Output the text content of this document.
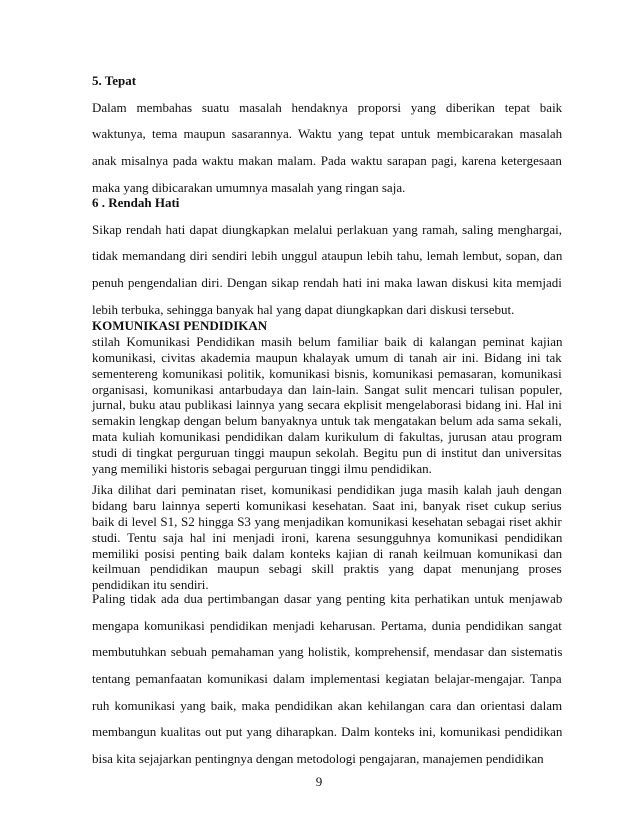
5. Tepat
Dalam membahas suatu masalah hendaknya proporsi yang diberikan tepat baik
waktunya, tema maupun sasarannya. Waktu yang tepat untuk membicarakan masalah
anak misalnya pada waktu makan malam. Pada waktu sarapan pagi, karena ketergesaan
maka yang dibicarakan umumnya masalah yang ringan saja.
6 . Rendah Hati
Sikap rendah hati dapat diungkapkan melalui perlakuan yang ramah, saling menghargai,
tidak memandang diri sendiri lebih unggul ataupun lebih tahu, lemah lembut, sopan, dan
penuh pengendalian diri. Dengan sikap rendah hati ini maka lawan diskusi kita memjadi
lebih terbuka, sehingga banyak hal yang dapat diungkapkan dari diskusi tersebut.
KOMUNIKASI PENDIDIKAN
stilah Komunikasi Pendidikan masih belum familiar baik di kalangan peminat kajian
komunikasi, civitas akademia maupun khalayak umum di tanah air ini. Bidang ini tak
sementereng komunikasi politik, komunikasi bisnis, komunikasi pemasaran, komunikasi
organisasi, komunikasi antarbudaya dan lain-lain. Sangat sulit mencari tulisan populer,
jurnal, buku atau publikasi lainnya yang secara ekplisit mengelaborasi bidang ini. Hal ini
semakin lengkap dengan belum banyaknya untuk tak mengatakan belum ada sama sekali,
mata kuliah komunikasi pendidikan dalam kurikulum di fakultas, jurusan atau program
studi di tingkat perguruan tinggi maupun sekolah. Begitu pun di institut dan universitas
yang memiliki historis sebagai perguruan tinggi ilmu pendidikan.
Jika dilihat dari peminatan riset, komunikasi pendidikan juga masih kalah jauh dengan
bidang baru lainnya seperti komunikasi kesehatan. Saat ini, banyak riset cukup serius
baik di level S1, S2 hingga S3 yang menjadikan komunikasi kesehatan sebagai riset akhir
studi. Tentu saja hal ini menjadi ironi, karena sesungguhnya komunikasi pendidikan
memiliki posisi penting baik dalam konteks kajian di ranah keilmuan komunikasi dan
keilmuan pendidikan maupun sebagi skill praktis yang dapat menunjang proses
pendidikan itu sendiri.
Paling tidak ada dua pertimbangan dasar yang penting kita perhatikan untuk menjawab
mengapa komunikasi pendidikan menjadi keharusan. Pertama, dunia pendidikan sangat
membutuhkan sebuah pemahaman yang holistik, komprehensif, mendasar dan sistematis
tentang pemanfaatan komunikasi dalam implementasi kegiatan belajar-mengajar. Tanpa
ruh komunikasi yang baik, maka pendidikan akan kehilangan cara dan orientasi dalam
membangun kualitas out put yang diharapkan. Dalm konteks ini, komunikasi pendidikan
bisa kita sejajarkan pentingnya dengan metodologi pengajaran, manajemen pendidikan
9
